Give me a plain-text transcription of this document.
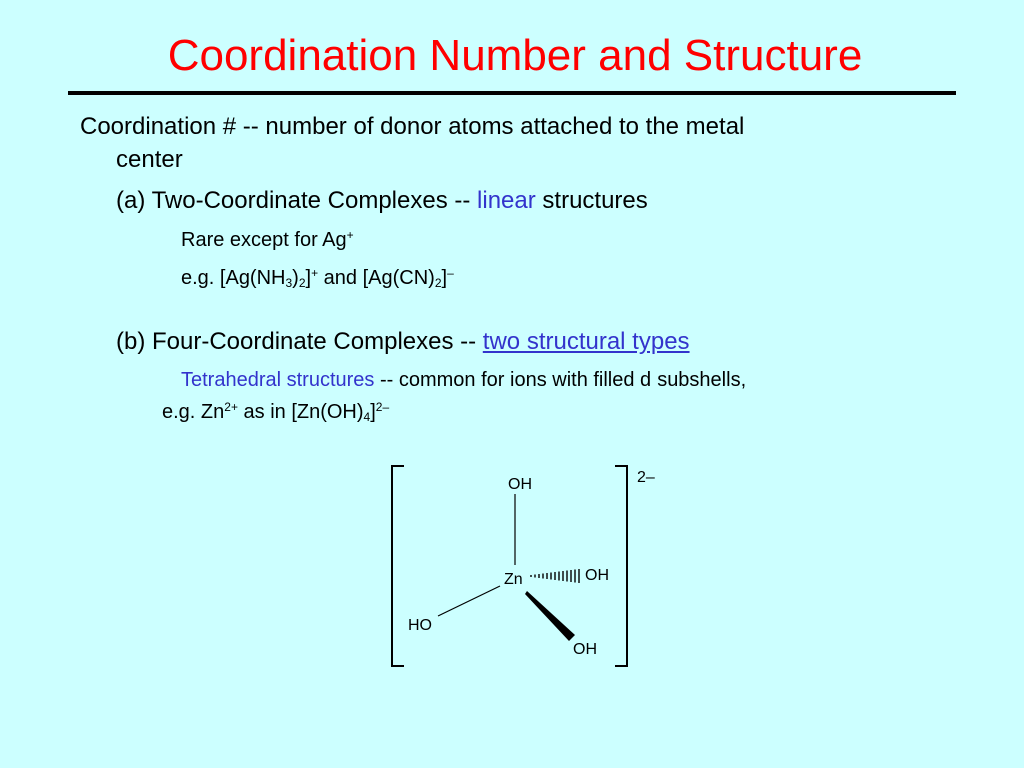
Coordination Number and Structure
Coordination # -- number of donor atoms attached to the metal
center
(a) Two-Coordinate Complexes -- linear structures
Rare except for Ag+
e.g. $[Ag(NH_3)_2]^+$ and $[Ag(CN)_2]^-$
(b) Four-Coordinate Complexes -- two structural types
Tetrahedral structures -- common for ions with filled d subshells,
e.g. $Zn^{2+}$ as in $[Zn(OH)_4]^{2-}$
2–
OH
Zn	OH
HO
OH
